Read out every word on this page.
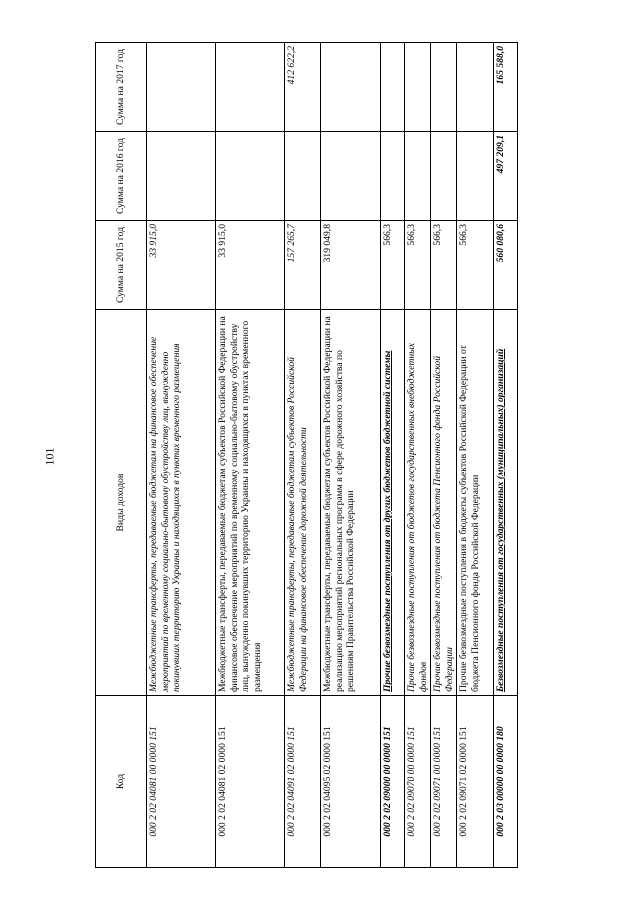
101
Код	Виды доходов	Сумма на 2015 год	Сумма на 2016 год	Сумма на 2017 год
000 2 02 04081 00 0000 151	Межбюджетные трансферты, передаваемые бюджетам на финансовое обеспечение мероприятий по временному социально-бытовому обустройству лиц, вынужденно покинувших территорию Украины и находящихся в пунктах временного размещения	33 915,0		
000 2 02 04081 02 0000 151	Межбюджетные трансферты, передаваемые бюджетам субъектов Российской Федерации на финансовое обеспечение мероприятий по временному социально-бытовому обустройству лиц, вынужденно покинувших территорию Украины и находящихся в пунктах временного размещения	33 915,0		
000 2 02 04091 02 0000 151	Межбюджетные трансферты, передаваемые бюджетам субъектов Российской Федерации на финансовое обеспечение дорожной деятельности	157 265,7		412 622,2
000 2 02 04095 02 0000 151	Межбюджетные трансферты, передаваемые бюджетам субъектов Российской Федерации на реализацию мероприятий региональных программ в сфере дорожного хозяйства по решениям Правительства Российской Федерации	319 049,8		
000 2 02 09000 00 0000 151	Прочие безвозмездные поступления от других бюджетов бюджетной системы	566,3		
000 2 02 09070 00 0000 151	Прочие безвозмездные поступления от бюджетов государственных внебюджетных фондов	566,3		
000 2 02 09071 00 0000 151	Прочие безвозмездные поступления от бюджета Пенсионного фонда Российской Федерации	566,3		
000 2 02 09071 02 0000 151	Прочие безвозмездные поступления в бюджеты субъектов Российской Федерации от бюджета Пенсионного фонда Российской Федерации	566,3		
000 2 03 00000 00 0000 180	Безвозмездные поступления от государственных (муниципальных) организаций	560 080,6	497 209,1	165 588,0
